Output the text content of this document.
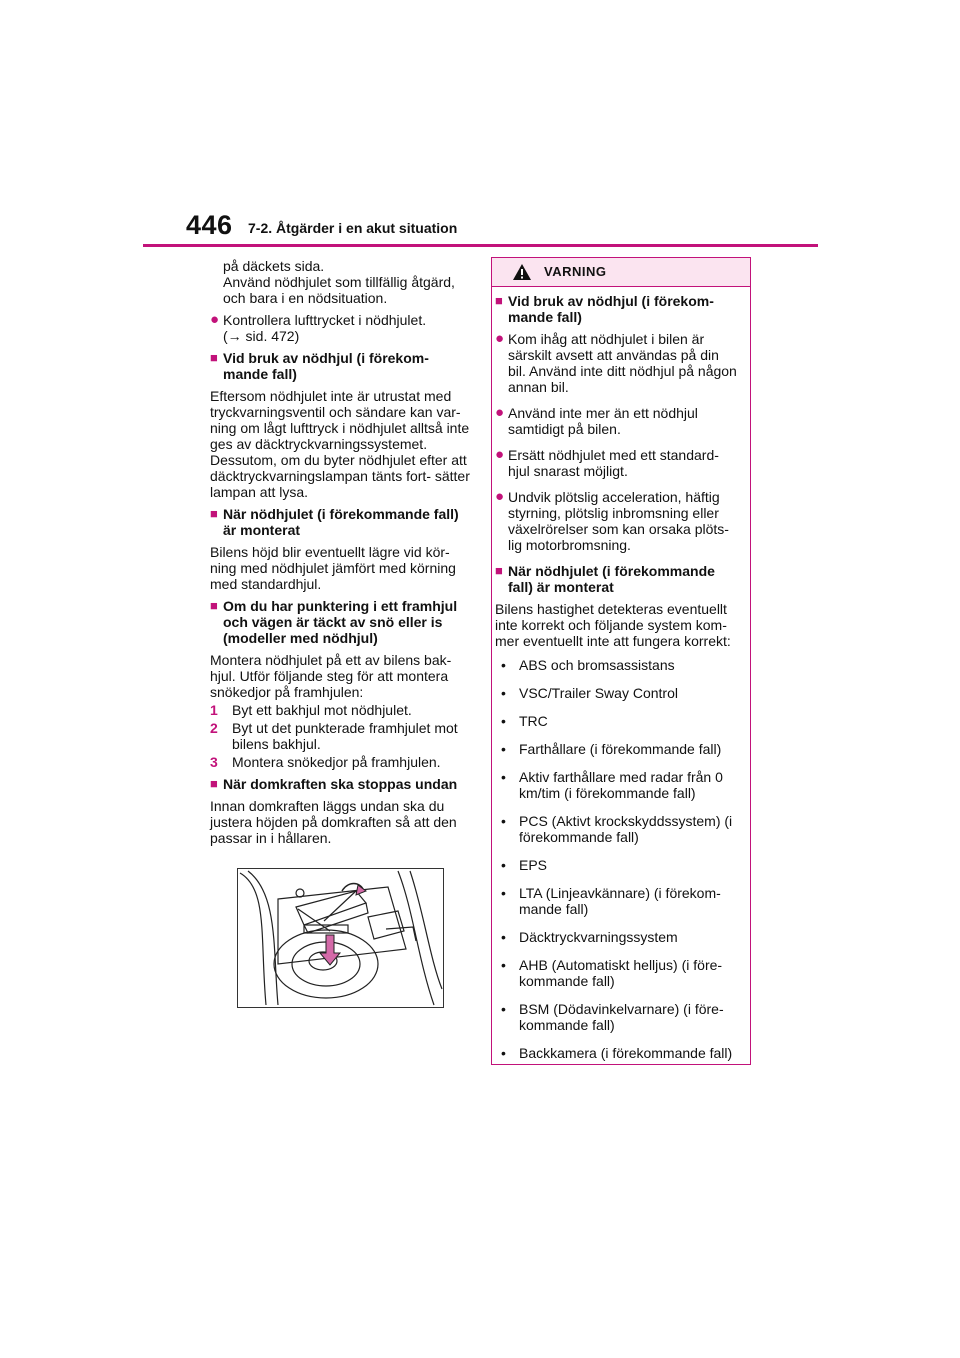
446 7-2. Åtgärder i en akut situation

på däckets sida.

Använd nödhjulet som tillfällig åtgärd, och bara i en nödsituation.

● Kontrollera lufttrycket i nödhjulet.
(→ sid. 472)
■ Vid bruk av nödhjul (i förekom- mande fall)

Eftersom nödhjulet inte är utrustat med tryckvarningsventil och sändare kan var- ning om lågt lufttryck i nödhjulet alltså inte ges av däcktryckvarningssystemet. Dessutom, om du byter nödhjulet efter att däcktryckvarningslampan tänts fort- sätter lampan att lysa.

■ När nödhjulet (i förekommande fall) är monterat

Bilens höjd blir eventuellt lägre vid kör- ning med nödhjulet jämfört med körning med standardhjul.

■ Om du har punktering i ett framhjul och vägen är täckt av snö eller is (modeller med nödhjul)

Montera nödhjulet på ett av bilens bak- hjul. Utför följande steg för att montera snökedjor på framhjulen:

1	Byt ett bakhjul mot nödhjulet.
2	Byt ut det punkterade framhjulet mot bilens bakhjul.
3	Montera snökedjor på framhjulen.
■ När domkraften ska stoppas undan

Innan domkraften läggs undan ska du justera höjden på domkraften så att den passar in i hållaren.

VARNING
■ Vid bruk av nödhjul (i förekom- mande fall)
● Kom ihåg att nödhjulet i bilen är särskilt avsett att användas på din bil. Använd inte ditt nödhjul på någon annan bil.
● Använd inte mer än ett nödhjul samtidigt på bilen.
● Ersätt nödhjulet med ett standard- hjul snarast möjligt.
● Undvik plötslig acceleration, häftig styrning, plötslig inbromsning eller växelrörelser som kan orsaka plöts- lig motorbromsning.
■ När nödhjulet (i förekommande fall) är monterat

Bilens hastighet detekteras eventuellt inte korrekt och följande system kom- mer eventuellt inte att fungera korrekt:

• ABS och bromsassistans
• VSC/Trailer Sway Control
• TRC
• Farthållare (i förekommande fall)
• Aktiv farthållare med radar från 0 km/tim (i förekommande fall)
• PCS (Aktivt krockskyddssystem) (i förekommande fall)
• EPS
• LTA (Linjeavkännare) (i förekom- mande fall)
• Däcktryckvarningssystem
• AHB (Automatiskt helljus) (i före- kommande fall)
• BSM (Dödavinkelvarnare) (i före- kommande fall)
• Backkamera (i förekommande fall)
